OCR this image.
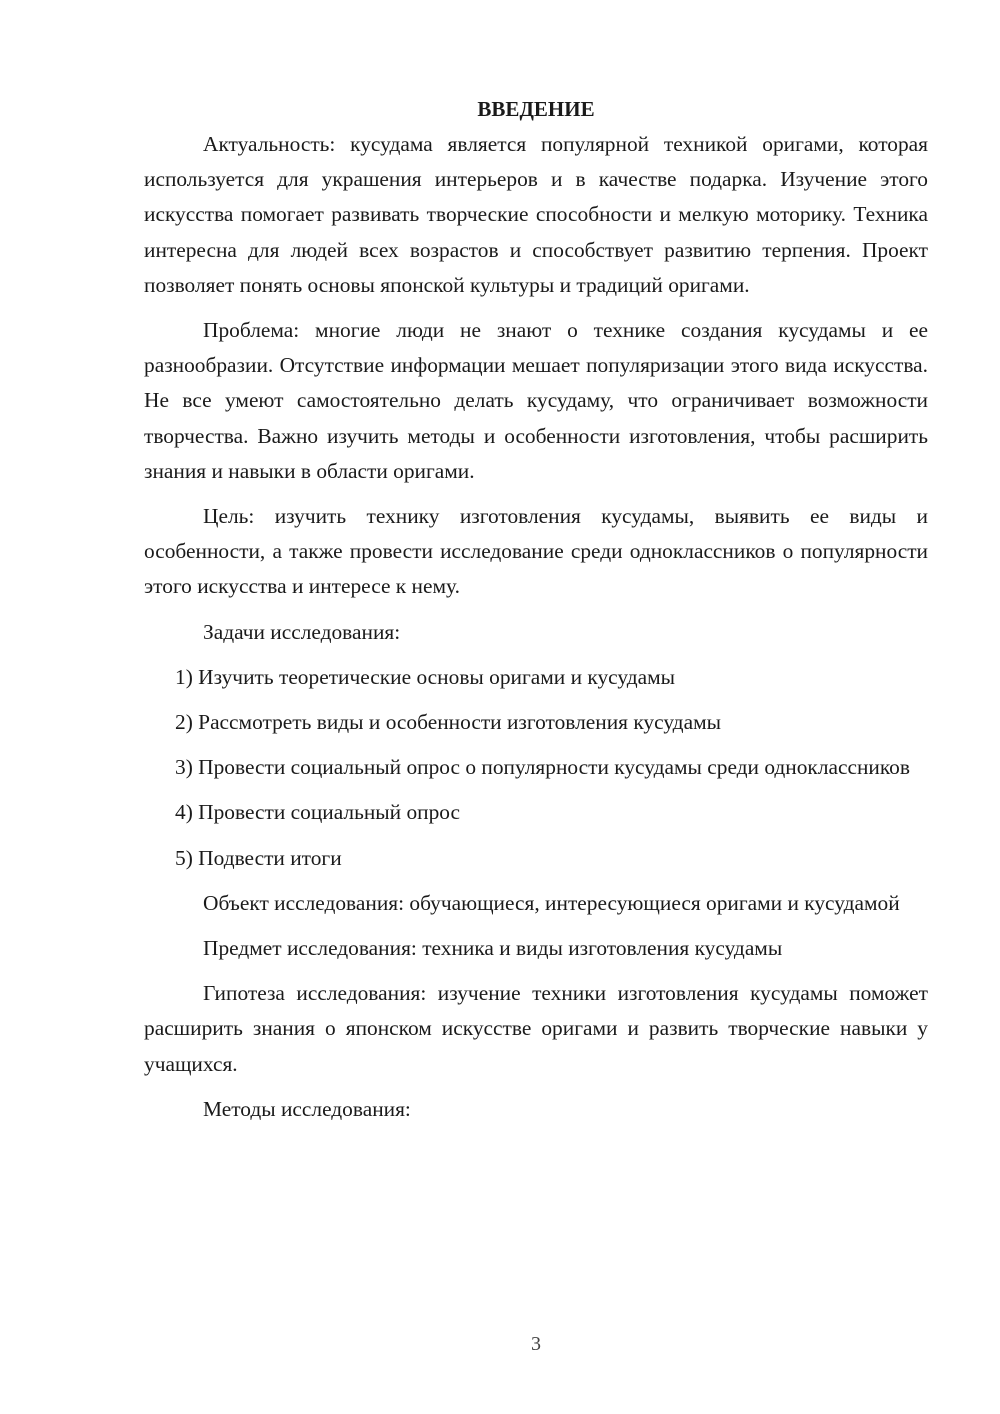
ВВЕДЕНИЕ

Актуальность: кусудама является популярной техникой оригами, которая используется для украшения интерьеров и в качестве подарка. Изучение этого искусства помогает развивать творческие способности и мелкую моторику. Техника интересна для людей всех возрастов и способствует развитию терпения. Проект позволяет понять основы японской культуры и традиций оригами.

Проблема: многие люди не знают о технике создания кусудамы и ее разнообразии. Отсутствие информации мешает популяризации этого вида искусства. Не все умеют самостоятельно делать кусудаму, что ограничивает возможности творчества. Важно изучить методы и особенности изготовления, чтобы расширить знания и навыки в области оригами.

Цель: изучить технику изготовления кусудамы, выявить ее виды и особенности, а также провести исследование среди одноклассников о популярности этого искусства и интересе к нему.

Задачи исследования:

1) Изучить теоретические основы оригами и кусудамы

2) Рассмотреть виды и особенности изготовления кусудамы

3) Провести социальный опрос о популярности кусудамы среди одноклассников

4) Провести социальный опрос

5) Подвести итоги

Объект исследования: обучающиеся, интересующиеся оригами и кусудамой

Предмет исследования: техника и виды изготовления кусудамы

Гипотеза исследования: изучение техники изготовления кусудамы поможет расширить знания о японском искусстве оригами и развить творческие навыки у учащихся.

Методы исследования:

3
